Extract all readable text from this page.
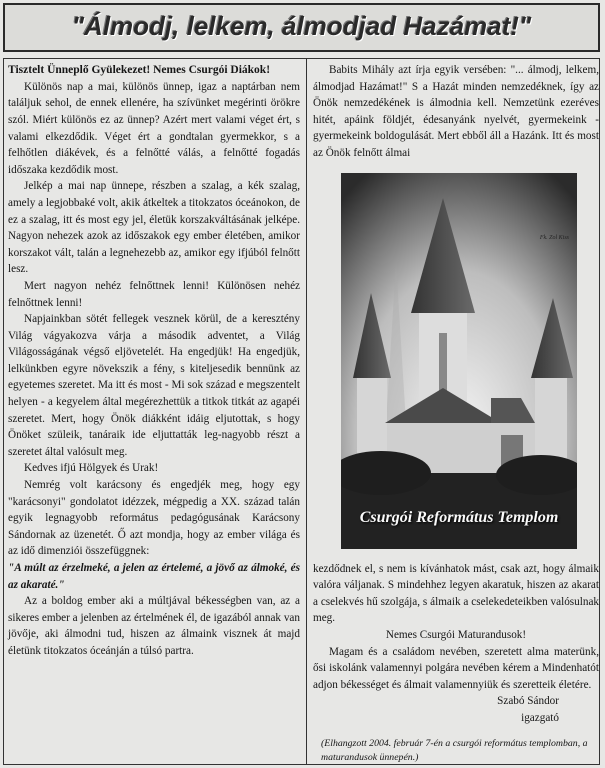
"Álmodj, lelkem, álmodjad Hazámat!"

Tisztelt Ünneplő Gyülekezet! Nemes Csurgói Diákok!

Különös nap a mai, különös ünnep, igaz a naptárban nem találjuk sehol, de ennek ellenére, ha szívünket megérinti örökre szól. Miért különös ez az ünnep? Azért mert valami véget ért, s valami elkezdődik. Véget ért a gondtalan gyermekkor, s a felhőtlen diákévek, és a felnőtté válás, a felnőtté fogadás időszaka kezdődik most.

Jelkép a mai nap ünnepe, részben a szalag, a kék szalag, amely a legjobbaké volt, akik átkeltek a titokzatos óceánokon, de ez a szalag, itt és most egy jel, életük korszakváltásának jelképe. Nagyon nehezek azok az időszakok egy ember életében, amikor korszakot vált, talán a legnehezebb az, amikor egy ifjúból felnőtt lesz.

Mert nagyon nehéz felnőttnek lenni! Különösen nehéz felnőttnek lenni!

Napjainkban sötét fellegek vesznek körül, de a keresztény Világ vágyakozva várja a második adventet, a Világ Világosságának végső eljövetelét. Ha engedjük! Ha engedjük, lelkünkben egyre növekszik a fény, s kiteljesedik bennünk az egyetemes szeretet. Ma itt és most - Mi sok század e megszentelt helyen - a kegyelem által megérezhettük a titkok titkát az agapéi szeretet. Mert, hogy Önök diákként idáig eljutottak, s hogy Önöket szüleik, tanáraik ide eljuttatták leg-nagyobb részt a szeretet által valósult meg.

Kedves ifjú Hölgyek és Urak!

Nemrég volt karácsony és engedjék meg, hogy egy "karácsonyi" gondolatot idézzek, mégpedig a XX. század talán egyik legnagyobb református pedagógusának Karácsony Sándornak az üzenetét. Ő azt mondja, hogy az ember világa és az idő dimenziói összefüggnek:

"A múlt az érzelmeké, a jelen az értelemé, a jövő az álmoké, és az akaraté."

Az a boldog ember aki a múltjával békességben van, az a sikeres ember a jelenben az értelmének él, de igazából annak van jövője, aki álmodni tud, hiszen az álmaink visznek át majd életünk titokzatos óceánján a túlsó partra.

Babits Mihály azt írja egyik versében: "... álmodj, lelkem, álmodjad Hazámat!" S a Hazát minden nemzedéknek, így az Önök nemzedékének is álmodnia kell. Nemzetünk ezeréves hitét, apáink földjét, édesanyánk nyelvét, gyermekeink - gyermekeink boldogulását. Mert ebből áll a Hazánk. Itt és most az Önök felnőtt álmai

Csurgói Református Templom
Fk. Zol Kiss

kezdődnek el, s nem is kívánhatok mást, csak azt, hogy álmaik valóra váljanak. S mindehhez legyen akaratuk, hiszen az akarat a cselekvés hű szolgája, s álmaik a cselekedeteikben valósulnak meg.

Nemes Csurgói Maturandusok!

Magam és a családom nevében, szeretett alma materünk, ősi iskolánk valamennyi polgára nevében kérem a Mindenhatót adjon békességet és álmait valamennyiük és szeretteik életére.

Szabó Sándor

igazgató

(Elhangzott 2004. február 7-én a csurgói református templomban, a maturandusok ünnepén.)
